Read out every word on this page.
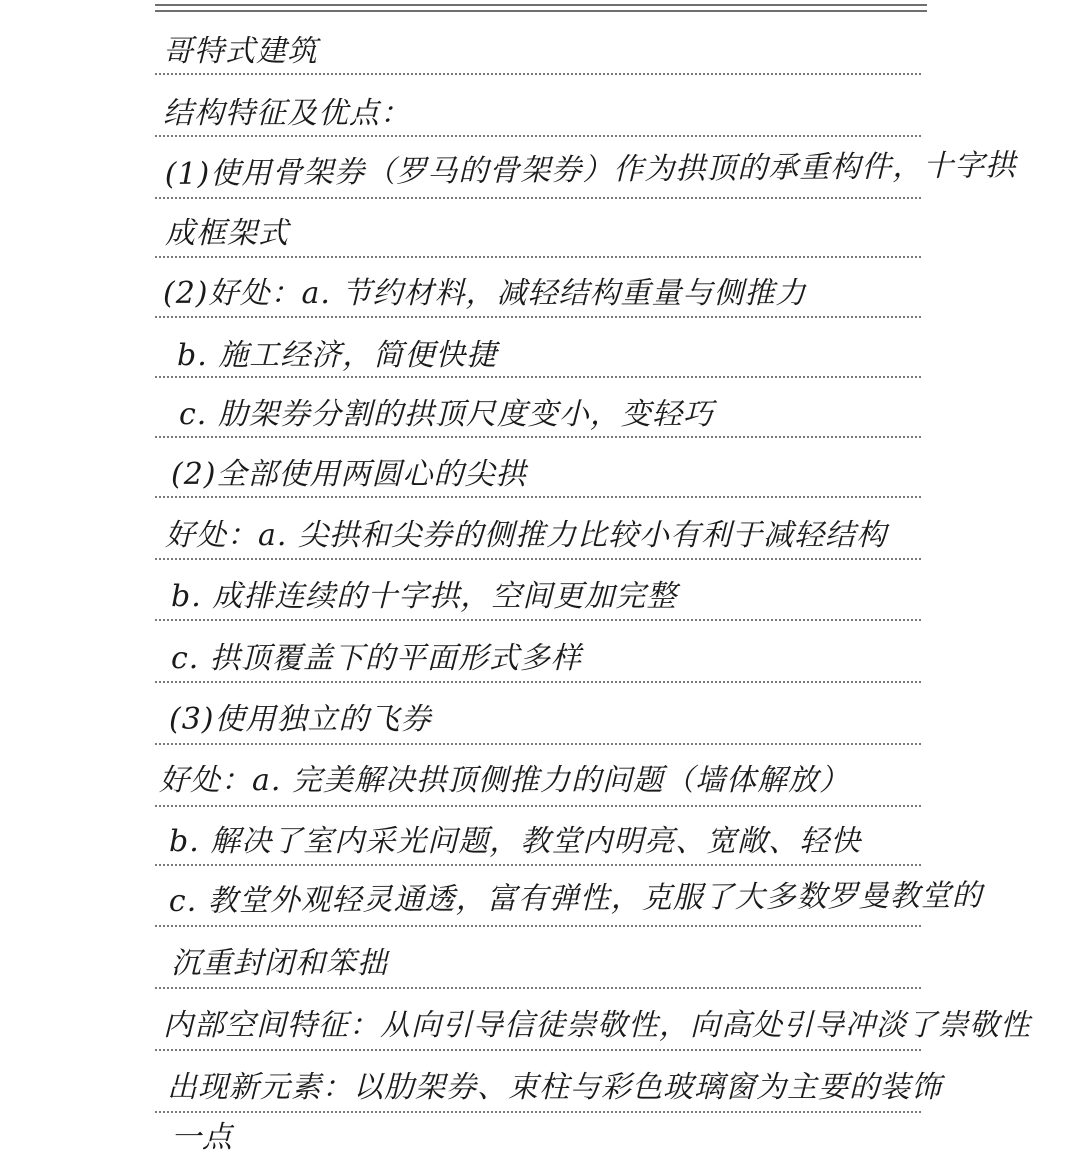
哥特式建筑
结构特征及优点：
(1)使用骨架券（罗马的骨架券）作为拱顶的承重构件，十字拱
成框架式
(2)好处：a. 节约材料，减轻结构重量与侧推力
b. 施工经济，简便快捷
c. 肋架券分割的拱顶尺度变小，变轻巧
(2)全部使用两圆心的尖拱
好处：a. 尖拱和尖券的侧推力比较小有利于减轻结构
b. 成排连续的十字拱，空间更加完整
c. 拱顶覆盖下的平面形式多样
(3)使用独立的飞券
好处：a. 完美解决拱顶侧推力的问题（墙体解放）
b. 解决了室内采光问题，教堂内明亮、宽敞、轻快
c. 教堂外观轻灵通透，富有弹性，克服了大多数罗曼教堂的
沉重封闭和笨拙
内部空间特征：从向引导信徒崇敬性，向高处引导冲淡了崇敬性
出现新元素：以肋架券、束柱与彩色玻璃窗为主要的装饰
一点
